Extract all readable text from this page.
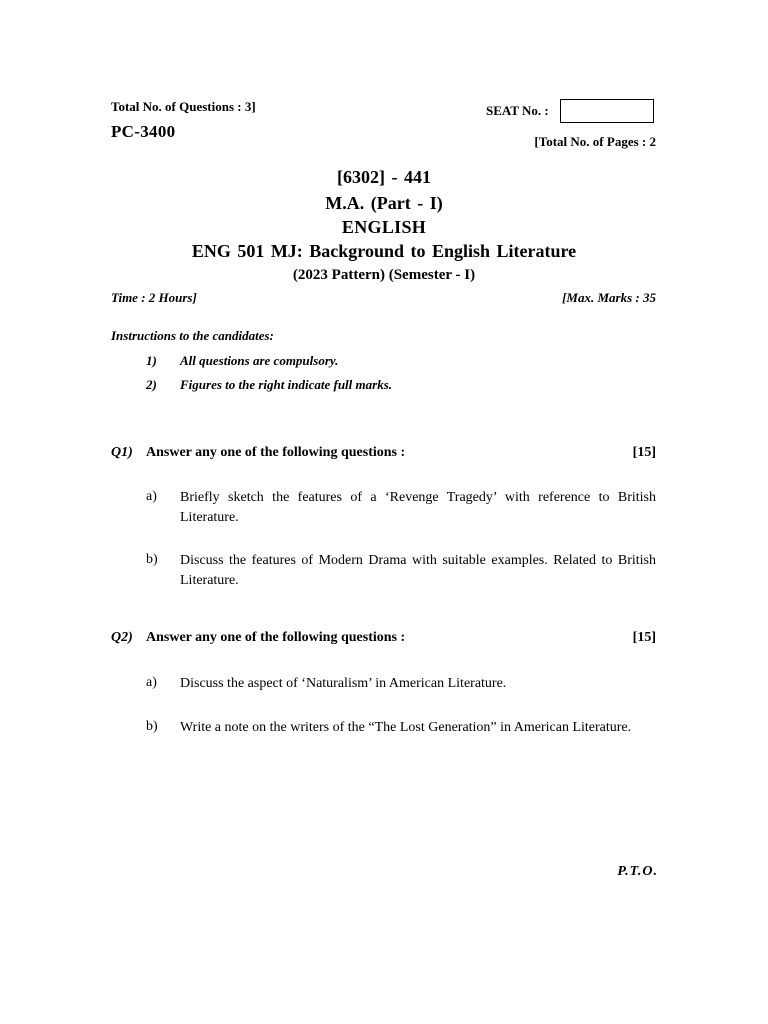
Total No. of Questions : 3]

PC-3400

SEAT No. :

[Total No. of Pages : 2

[6302] - 441

M.A. (Part - I)

ENGLISH

ENG 501 MJ: Background to English Literature

(2023 Pattern) (Semester - I)

Time : 2 Hours]	[Max. Marks : 35

Instructions to the candidates:

1) All questions are compulsory.

2) Figures to the right indicate full marks.

Q1) Answer any one of the following questions :	[15]

a) Briefly sketch the features of a ‘Revenge Tragedy’ with reference to British Literature.

b) Discuss the features of Modern Drama with suitable examples. Related to British Literature.

Q2) Answer any one of the following questions :	[15]

a) Discuss the aspect of ‘Naturalism’ in American Literature.

b) Write a note on the writers of the “The Lost Generation” in American Literature.

P.T.O.
